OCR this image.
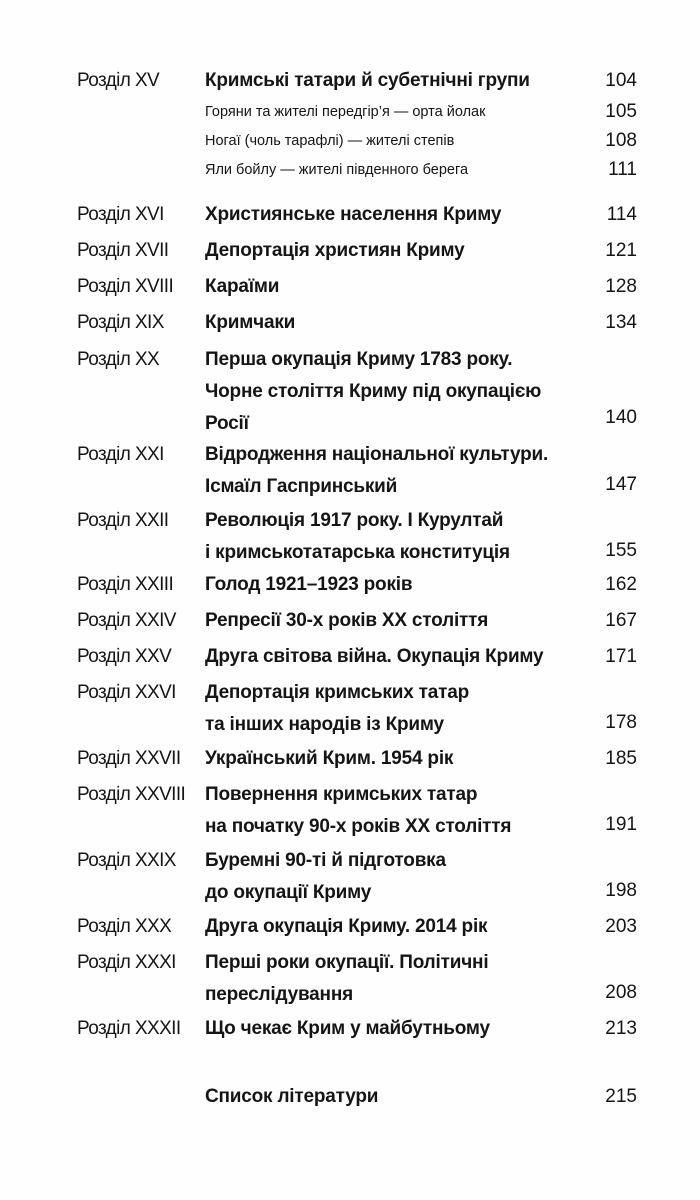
Розділ XV Кримські татари й субетнічні групи	104
Горяни та жителі передгір’я — орта йолак	105
Ногаї (чоль тарафлі) — жителі степів	108
Яли бойлу — жителі південного берега	111
Розділ XVI Християнське населення Криму	114
Розділ XVII Депортація християн Криму	121
Розділ XVIII Караїми	128
Розділ XIX Кримчаки	134
Розділ XX Перша окупація Криму 1783 року.
Чорне століття Криму під окупацією
Росії	140
Розділ XXI Відродження національної культури.
Ісмаїл Гаспринський	147
Розділ XXII Революція 1917 року. І Курултай
і кримськотатарська конституція	155
Розділ XXIII Голод 1921–1923 років	162
Розділ XXIV Репресії 30-х років XX століття	167
Розділ XXV Друга світова війна. Окупація Криму	171
Розділ XXVI Депортація кримських татар
та інших народів із Криму	178
Розділ XXVII Український Крим. 1954 рік	185
Розділ XXVIII Повернення кримських татар
на початку 90-х років XX століття	191
Розділ XXIX Буремні 90-ті й підготовка
до окупації Криму	198
Розділ XXX Друга окупація Криму. 2014 рік	203
Розділ XXXI Перші роки окупації. Політичні
переслідування	208
Розділ XXXII Що чекає Крим у майбутньому	213
Список літератури	215
